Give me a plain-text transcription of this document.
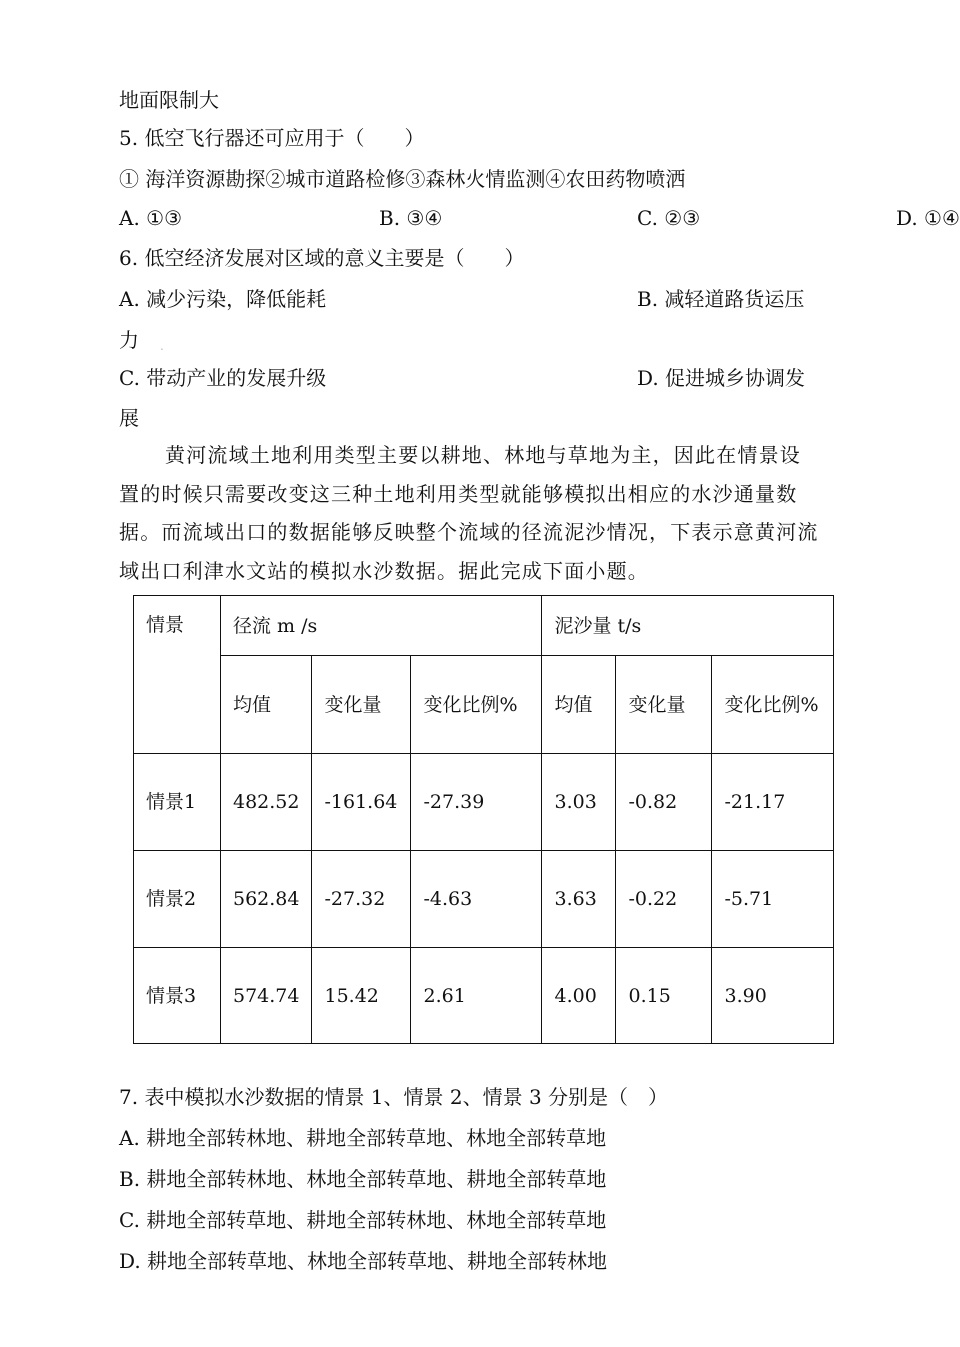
地面限制大
5. 低空飞行器还可应用于（　　）
① 海洋资源勘探②城市道路检修③森林火情监测④农田药物喷洒
A. ①③	B. ③④	C. ②③	D. ①④
6. 低空经济发展对区域的意义主要是（　　）
A. 减少污染，降低能耗	B. 减轻道路货运压
力 .
C. 带动产业的发展升级	D. 促进城乡协调发
展
黄河流域土地利用类型主要以耕地、林地与草地为主，因此在情景设置的时候只需要改变这三种土地利用类型就能够模拟出相应的水沙通量数据。而流域出口的数据能够反映整个流域的径流泥沙情况，下表示意黄河流域出口利津水文站的模拟水沙数据。据此完成下面小题。
情景	径流 m /s			泥沙量 t/s		
	均值	变化量	变化比例%	均值	变化量	变化比例%
情景1	482.52	-161.64	-27.39	3.03	-0.82	-21.17
情景2	562.84	-27.32	-4.63	3.63	-0.22	-5.71
情景3	574.74	15.42	2.61	4.00	0.15	3.90
7. 表中模拟水沙数据的情景 1、情景 2、情景 3 分别是（　）
A. 耕地全部转林地、耕地全部转草地、林地全部转草地
B. 耕地全部转林地、林地全部转草地、耕地全部转草地
C. 耕地全部转草地、耕地全部转林地、林地全部转草地
D. 耕地全部转草地、林地全部转草地、耕地全部转林地
